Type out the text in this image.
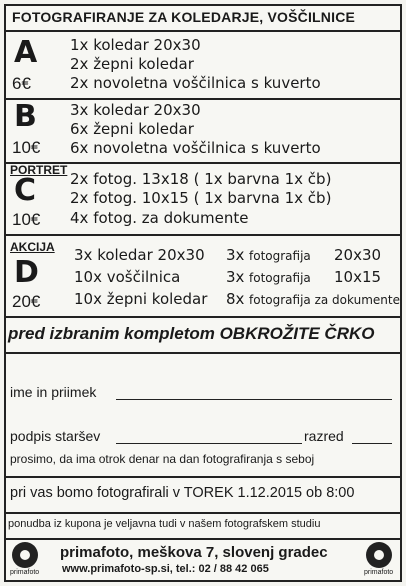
FOTOGRAFIRANJE ZA KOLEDARJE, VOŠČILNICE
A
6€
1x koledar 20x30
2x žepni koledar
2x novoletna voščilnica s kuverto
B
10€
3x koledar 20x30
6x žepni koledar
6x novoletna voščilnica s kuverto
PORTRET
C
10€
2x fotog. 13x18 ( 1x barvna 1x čb)
2x fotog. 10x15 ( 1x barvna 1x čb)
4x fotog. za dokumente
AKCIJA
D
20€
3x koledar 20x30
10x voščilnica
10x žepni koledar
3x
3x
8x
fotografija
fotografija
fotografija za dokumente
20x30
10x15
pred izbranim kompletom OBKROŽITE ČRKO
ime in priimek
podpis staršev	razred
prosimo, da ima otrok denar na dan fotografiranja s seboj
pri vas bomo fotografirali v TOREK 1.12.2015 ob 8:00
ponudba iz kupona je veljavna tudi v našem fotografskem studiu
primafoto
primafoto, meškova 7, slovenj gradec
www.primafoto-sp.si, tel.: 02 / 88 42 065	primafoto
